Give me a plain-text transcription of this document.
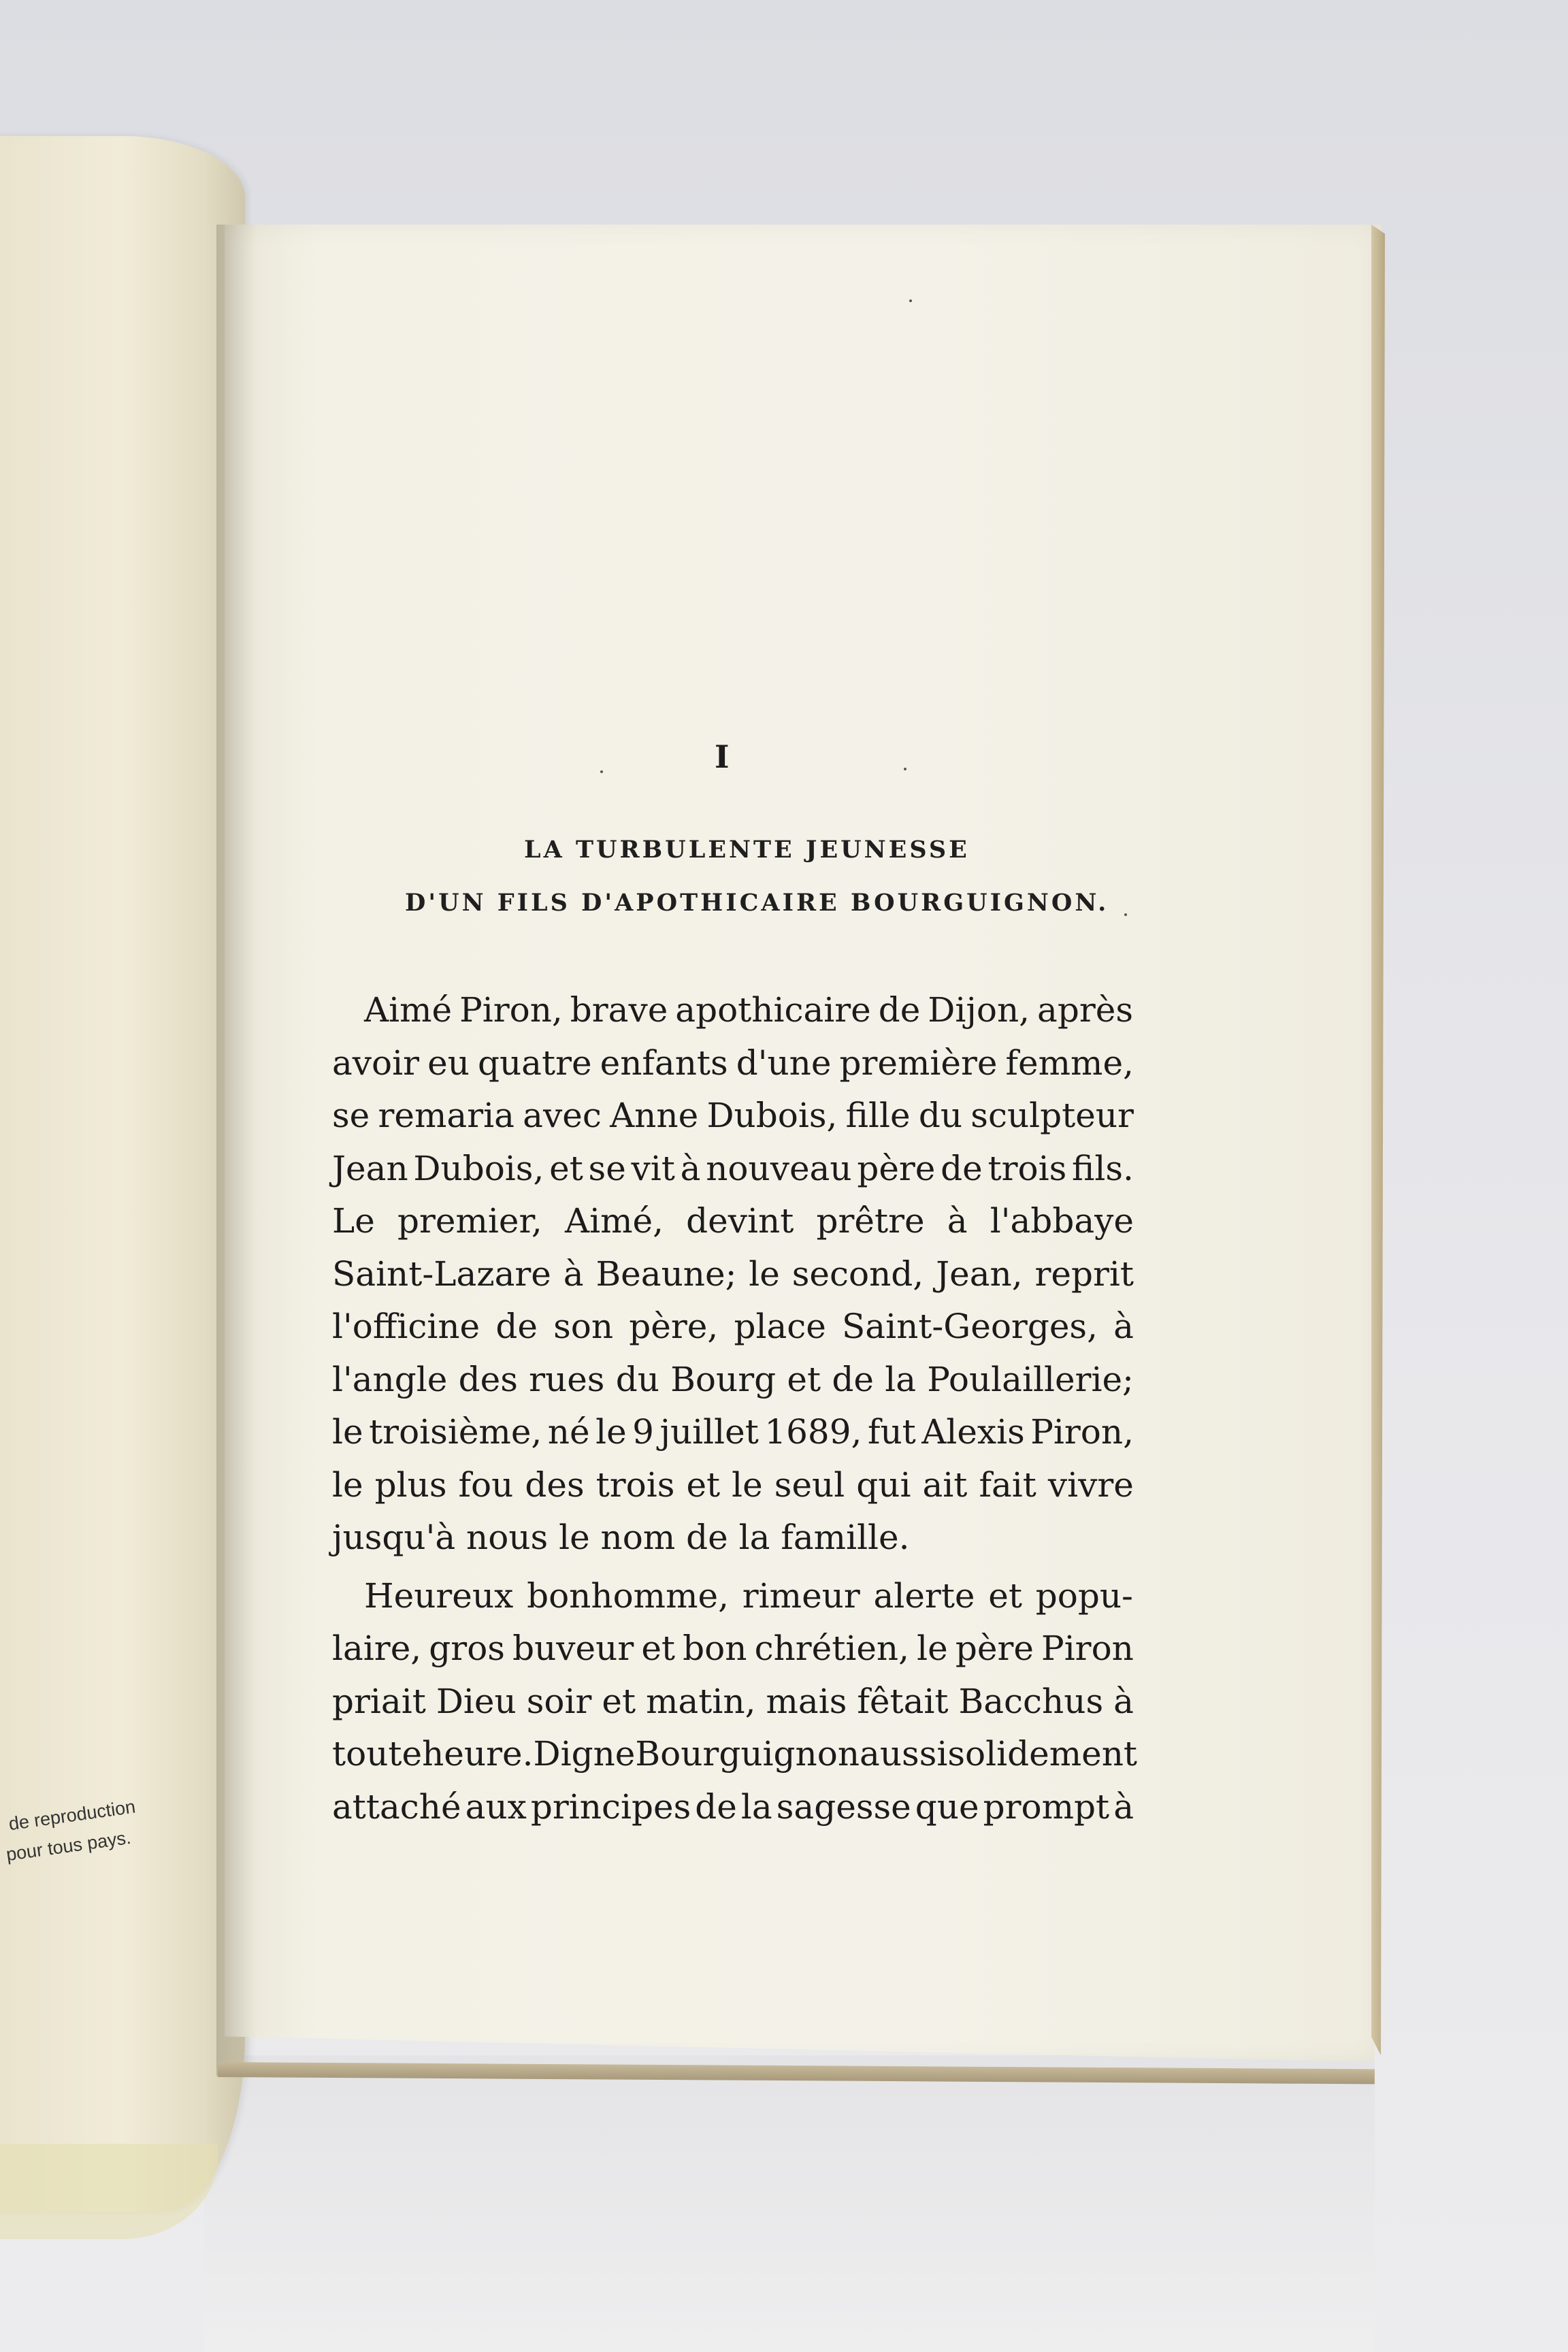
de reproduction
pour tous pays.
I
LA TURBULENTE JEUNESSE
D'UN FILS D'APOTHICAIRE BOURGUIGNON.
Aimé Piron, brave apothicaire de Dijon, après
avoir eu quatre enfants d'une première femme,
se remaria avec Anne Dubois, fille du sculpteur
Jean Dubois, et se vit à nouveau père de trois fils.
Le premier, Aimé, devint prêtre à l'abbaye
Saint-Lazare à Beaune; le second, Jean, reprit
l'officine de son père, place Saint-Georges, à
l'angle des rues du Bourg et de la Poulaillerie;
le troisième, né le 9 juillet 1689, fut Alexis Piron,
le plus fou des trois et le seul qui ait fait vivre
jusqu'à nous le nom de la famille.
Heureux bonhomme, rimeur alerte et popu-
laire, gros buveur et bon chrétien, le père Piron
priait Dieu soir et matin, mais fêtait Bacchus à
toute heure. Digne Bourguignon aussi solidement
attaché aux principes de la sagesse que prompt à
